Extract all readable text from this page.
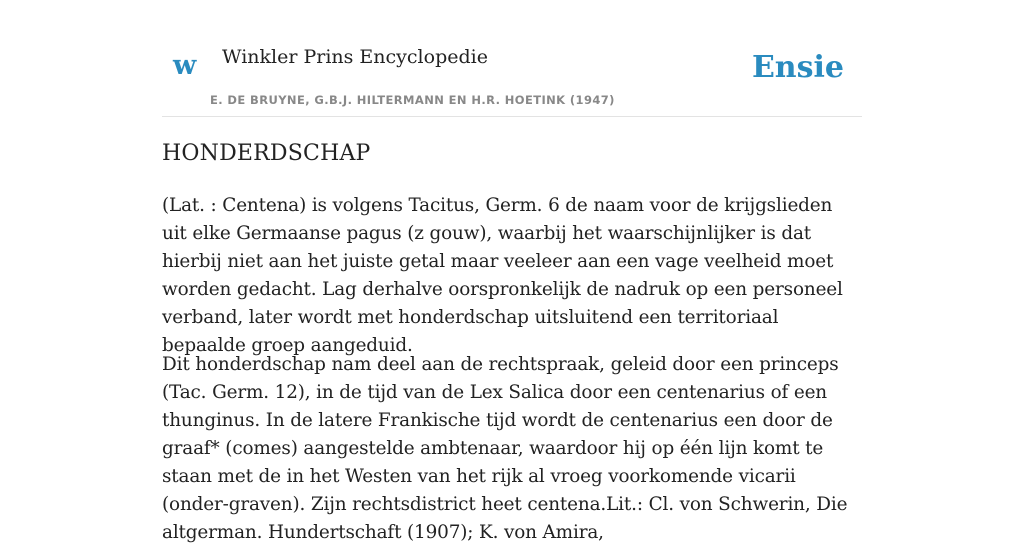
w Winkler Prins Encyclopedie
E. DE BRUYNE, G.B.J. HILTERMANN EN H.R. HOETINK (1947)
Ensie
HONDERDSCHAP

(Lat. : Centena) is volgens Tacitus, Germ. 6 de naam voor de krijgslieden uit elke Germaanse pagus (z gouw), waarbij het waarschijnlijker is dat hierbij niet aan het juiste getal maar veeleer aan een vage veelheid moet worden gedacht. Lag derhalve oorspronkelijk de nadruk op een personeel verband, later wordt met honderdschap uitsluitend een territoriaal bepaalde groep aangeduid.

Dit honderdschap nam deel aan de rechtspraak, geleid door een princeps (Tac. Germ. 12), in de tijd van de Lex Salica door een centenarius of een thunginus. In de latere Frankische tijd wordt de centenarius een door de graaf* (comes) aangestelde ambtenaar, waardoor hij op één lijn komt te staan met de in het Westen van het rijk al vroeg voorkomende vicarii (onder-graven). Zijn rechtsdistrict heet centena.Lit.: Cl. von Schwerin, Die altgerman. Hundertschaft (1907); K. von Amira,
